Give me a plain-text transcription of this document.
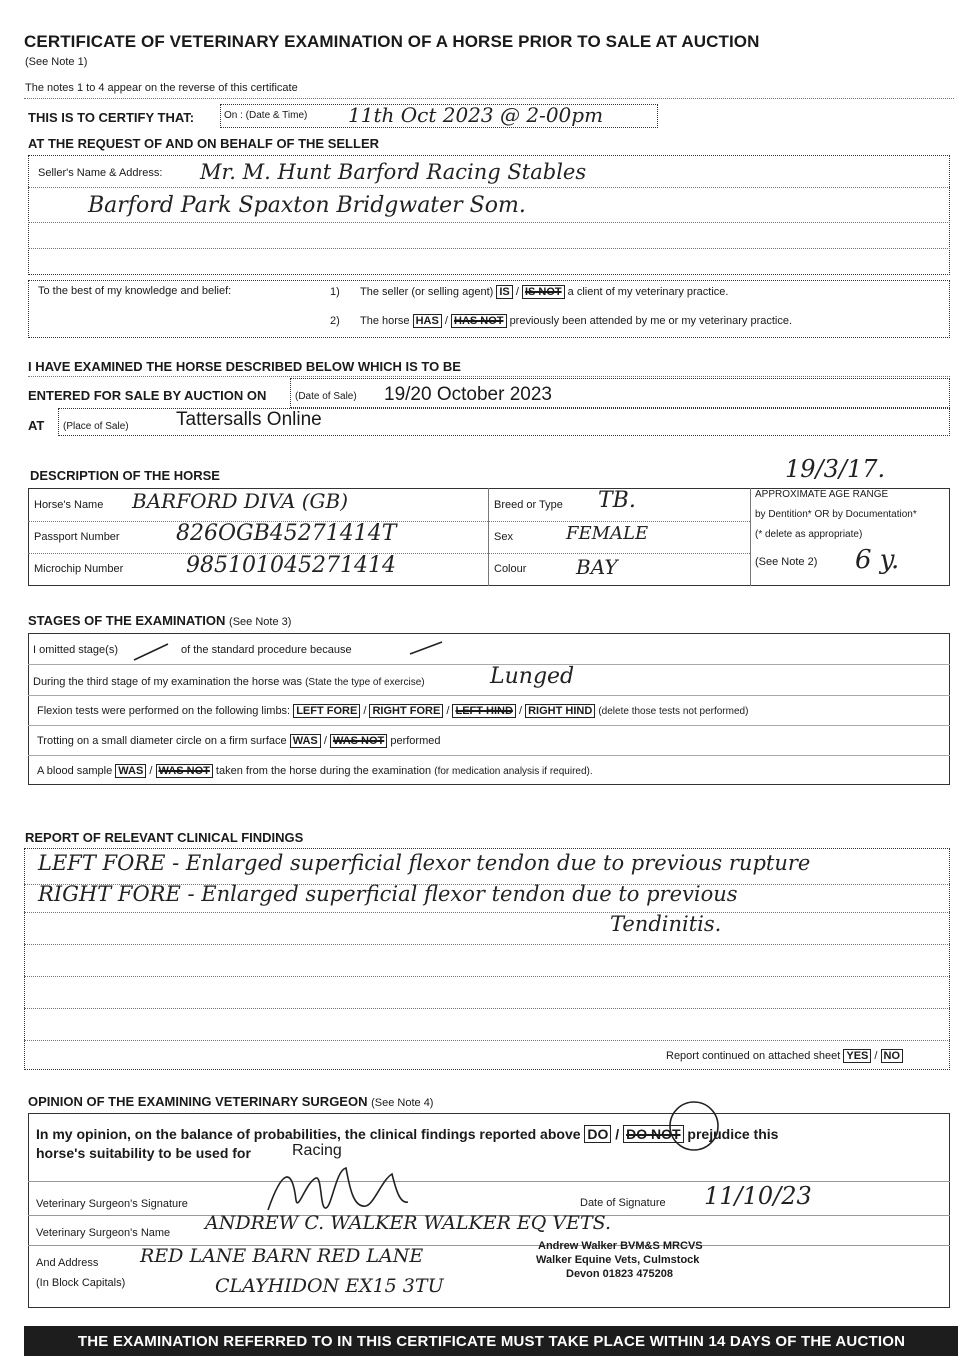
CERTIFICATE OF VETERINARY EXAMINATION OF A HORSE PRIOR TO SALE AT AUCTION
(See Note 1)
The notes 1 to 4 appear on the reverse of this certificate
THIS IS TO CERTIFY THAT:	On : (Date & Time) 11th Oct 2023 @ 2-00pm
AT THE REQUEST OF AND ON BEHALF OF THE SELLER
Seller's Name & Address: Mr. M. Hunt Barford Racing Stables
Barford Park Spaxton Bridgwater Som.
To the best of my knowledge and belief:	1) The seller (or selling agent) IS / IS NOT a client of my veterinary practice.
2) The horse HAS / HAS NOT previously been attended by me or my veterinary practice.
I HAVE EXAMINED THE HORSE DESCRIBED BELOW WHICH IS TO BE
ENTERED FOR SALE BY AUCTION ON	(Date of Sale) 19/20 October 2023
AT (Place of Sale) Tattersalls Online
DESCRIPTION OF THE HORSE	19/3/17.
Horse's Name BARFORD DIVA (GB)
Passport Number	826OGB45271414T
Microchip Number	985101045271414
Breed or Type TB.
Sex	FEMALE
Colour BAY
APPROXIMATE AGE RANGE
by Dentition* OR by Documentation*
(* delete as appropriate)
(See Note 2) 6 y.
STAGES OF THE EXAMINATION (See Note 3)
I omitted stage(s)	of the standard procedure because
During the third stage of my examination the horse was (State the type of exercise)	Lunged
Flexion tests were performed on the following limbs: LEFT FORE / RIGHT FORE / LEFT HIND / RIGHT HIND (delete those tests not performed)
Trotting on a small diameter circle on a firm surface WAS / WAS NOT performed
A blood sample WAS / WAS NOT taken from the horse during the examination (for medication analysis if required).
REPORT OF RELEVANT CLINICAL FINDINGS
LEFT FORE - Enlarged superficial flexor tendon due to previous rupture
RIGHT FORE - Enlarged superficial flexor tendon due to previous
Tendinitis.
Report continued on attached sheet YES / NO
OPINION OF THE EXAMINING VETERINARY SURGEON (See Note 4)
In my opinion, on the balance of probabilities, the clinical findings reported above DO / DO NOT prejudice this
horse's suitability to be used for	Racing
Veterinary Surgeon's Signature	Date of Signature 11/10/23
Veterinary Surgeon's Name ANDREW C. WALKER WALKER EQ VETS.
And Address
(In Block Capitals)
RED LANE BARN RED LANE
CLAYHIDON EX15 3TU
Andrew Walker BVM&S MRCVS
Walker Equine Vets, Culmstock
Devon 01823 475208
THE EXAMINATION REFERRED TO IN THIS CERTIFICATE MUST TAKE PLACE WITHIN 14 DAYS OF THE AUCTION
